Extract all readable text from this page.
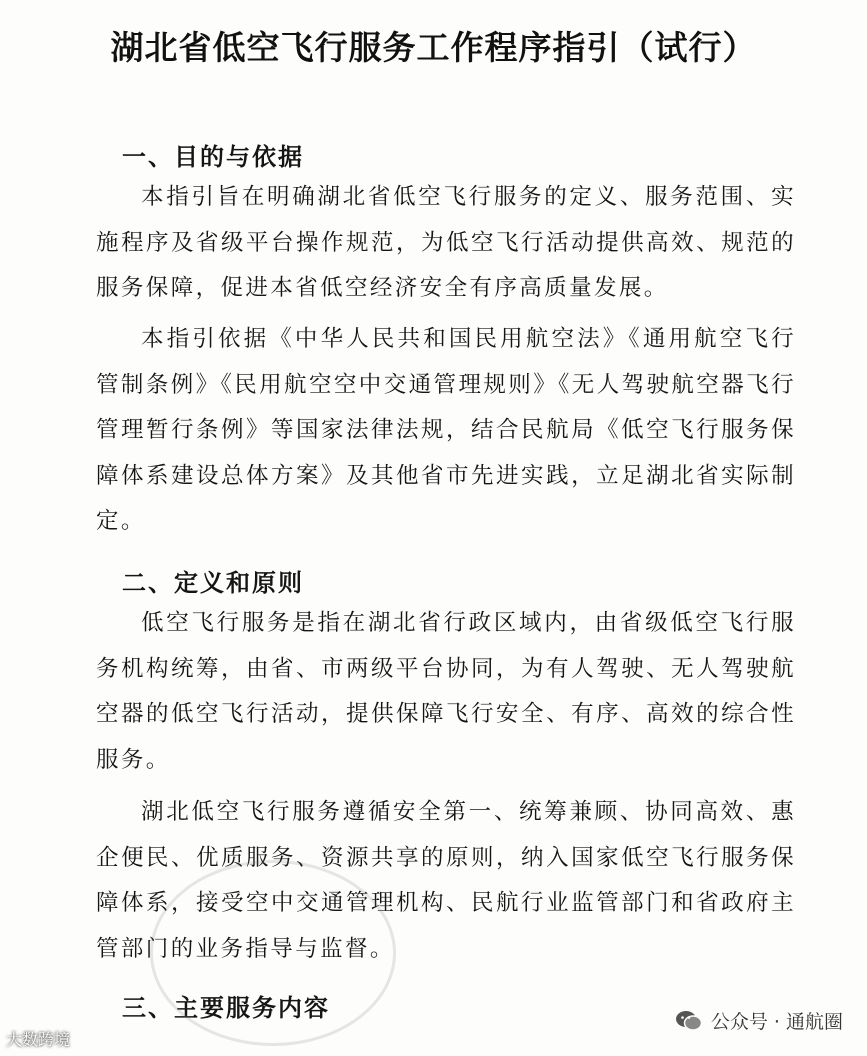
湖北省低空飞行服务工作程序指引（试行）
一、目的与依据

本指引旨在明确湖北省低空飞行服务的定义、服务范围、实施程序及省级平台操作规范，为低空飞行活动提供高效、规范的服务保障，促进本省低空经济安全有序高质量发展。

本指引依据《中华人民共和国民用航空法》《通用航空飞行管制条例》《民用航空空中交通管理规则》《无人驾驶航空器飞行管理暂行条例》等国家法律法规，结合民航局《低空飞行服务保障体系建设总体方案》及其他省市先进实践，立足湖北省实际制定。

二、定义和原则

低空飞行服务是指在湖北省行政区域内，由省级低空飞行服务机构统筹，由省、市两级平台协同，为有人驾驶、无人驾驶航空器的低空飞行活动，提供保障飞行安全、有序、高效的综合性服务。

湖北低空飞行服务遵循安全第一、统筹兼顾、协同高效、惠企便民、优质服务、资源共享的原则，纳入国家低空飞行服务保障体系，接受空中交通管理机构、民航行业监管部门和省政府主管部门的业务指导与监督。

三、主要服务内容
大数跨境
公众号 · 通航圈
